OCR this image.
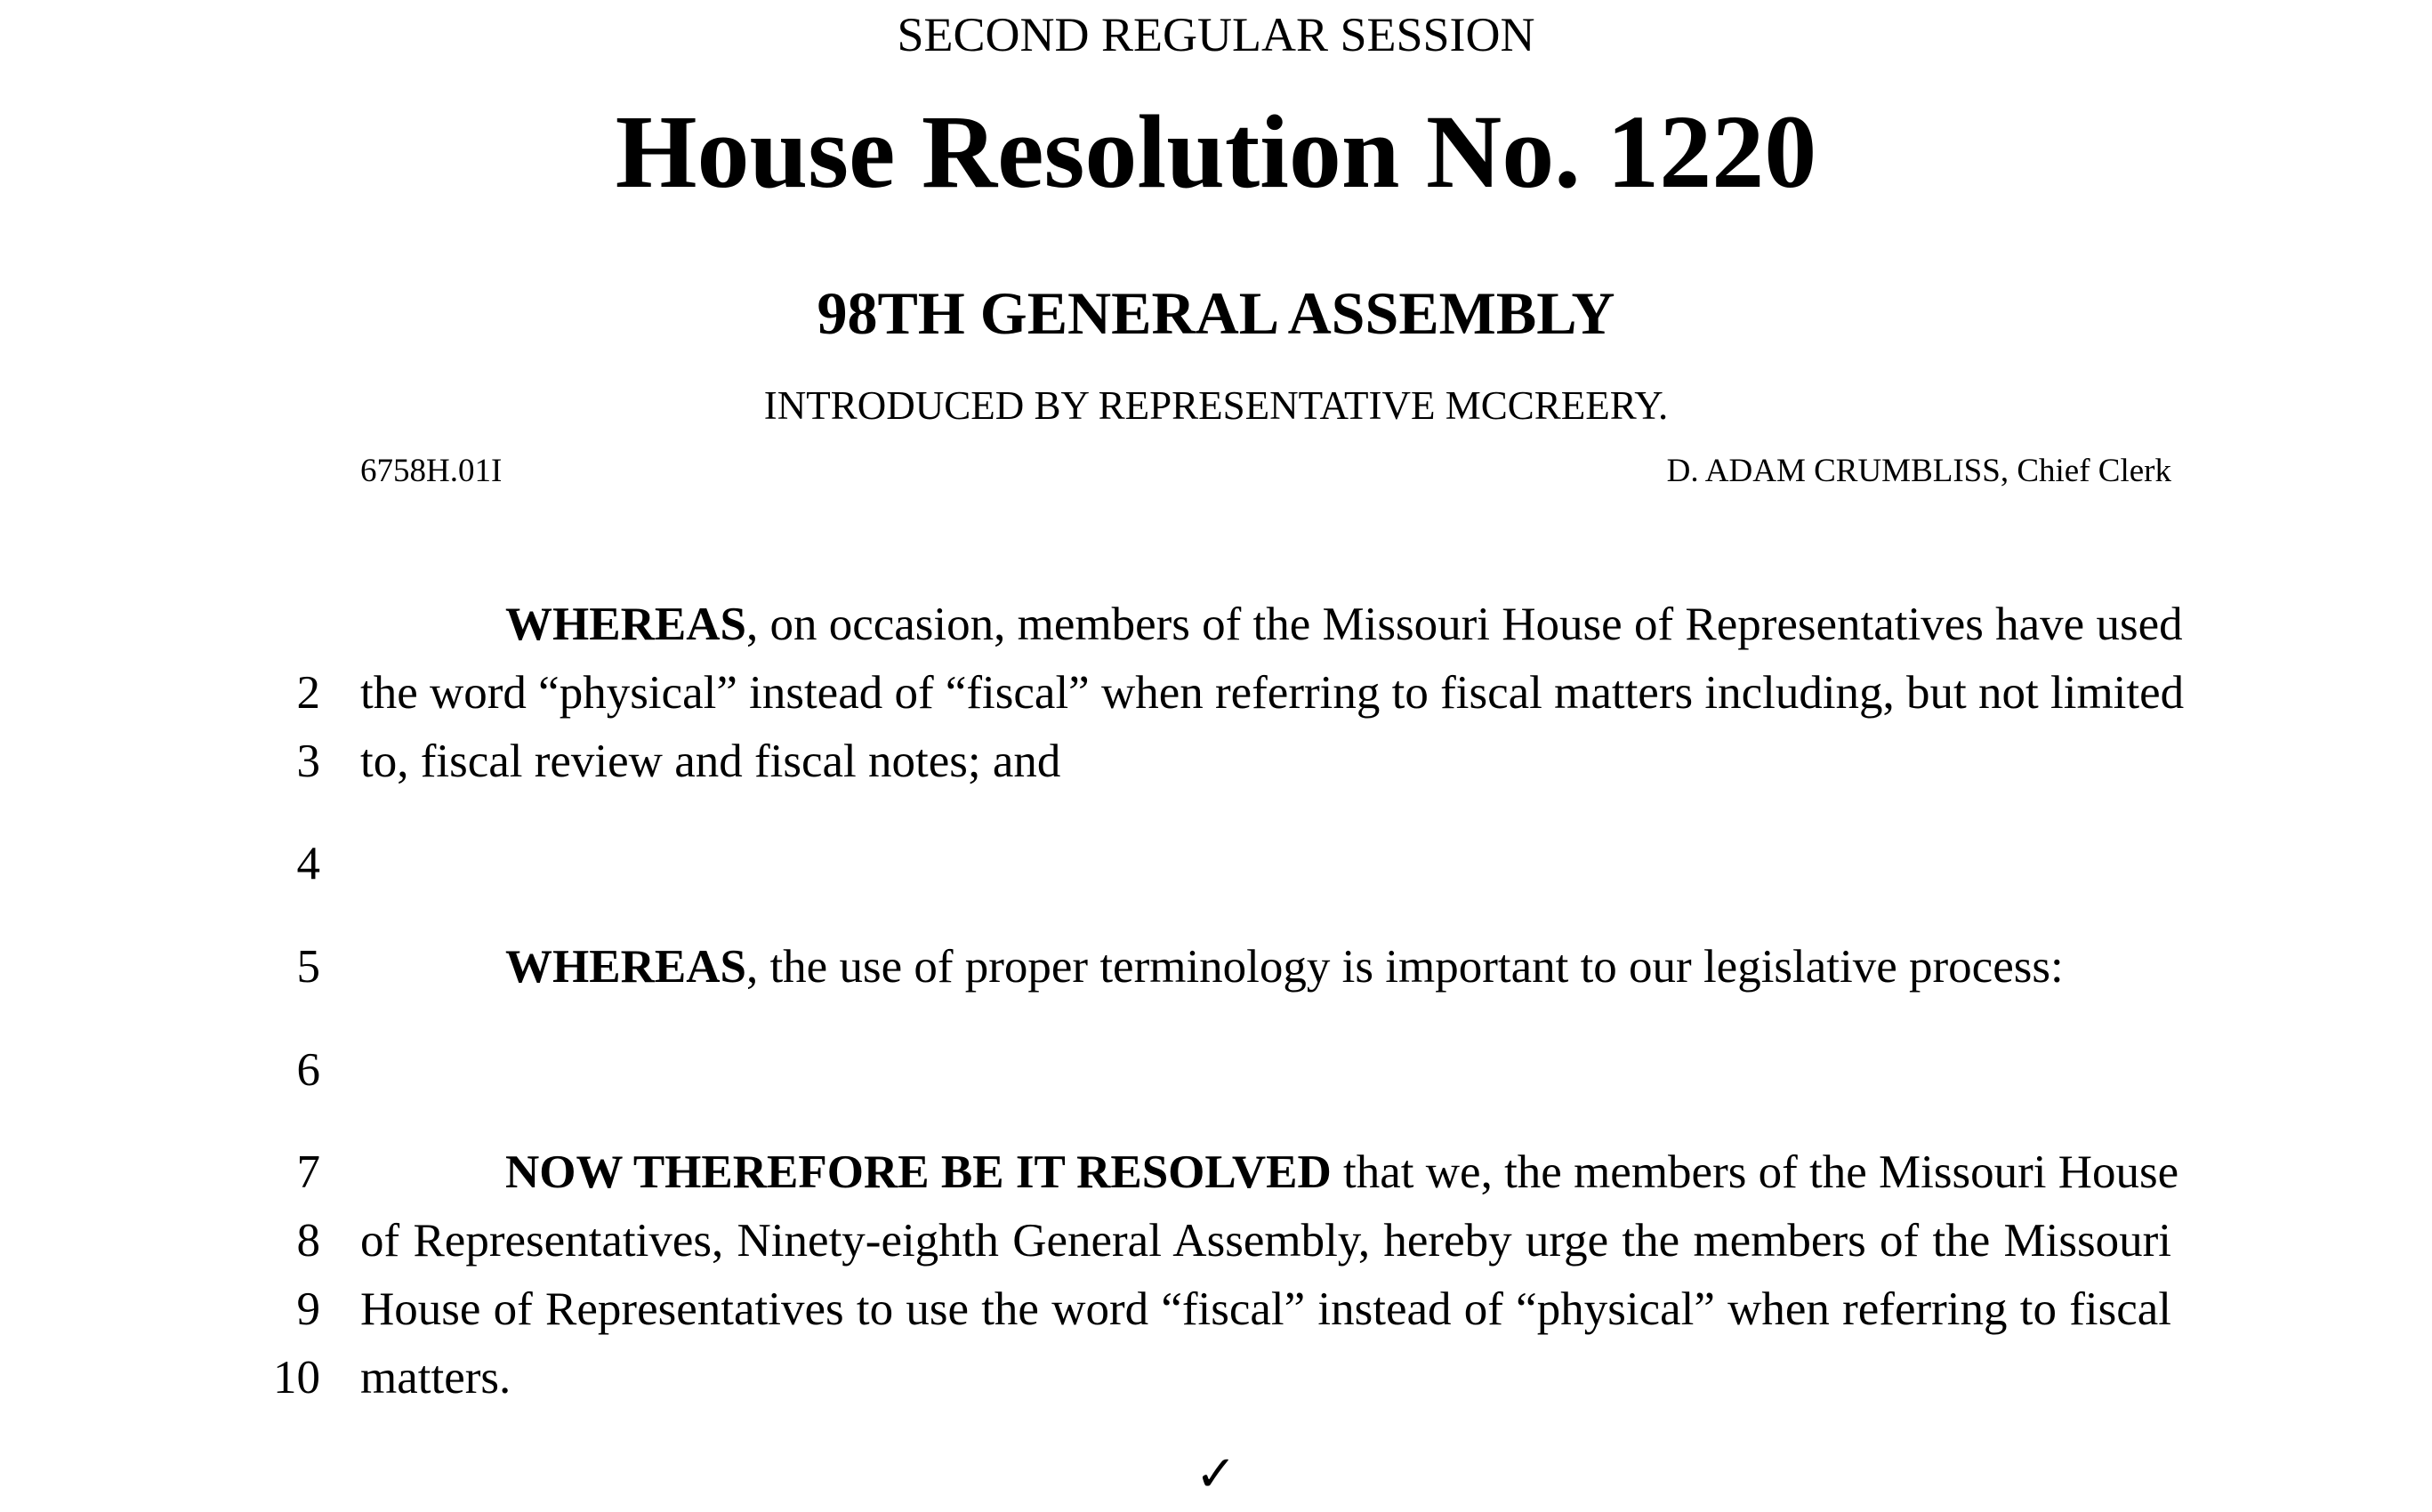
SECOND REGULAR SESSION
House Resolution No. 1220
98TH GENERAL ASSEMBLY
INTRODUCED BY REPRESENTATIVE MCCREERY.
6758H.01I	D. ADAM CRUMBLISS, Chief Clerk
2
3
4
5
6
7
8
9
10
WHEREAS, on occasion, members of the Missouri House of Representatives have used
the word “physical” instead of “fiscal” when referring to fiscal matters including, but not limited
to, fiscal review and fiscal notes; and
WHEREAS, the use of proper terminology is important to our legislative process:
NOW THEREFORE BE IT RESOLVED that we, the members of the Missouri House
of Representatives, Ninety-eighth General Assembly, hereby urge the members of the Missouri
House of Representatives to use the word “fiscal” instead of “physical” when referring to fiscal
matters.
✓
